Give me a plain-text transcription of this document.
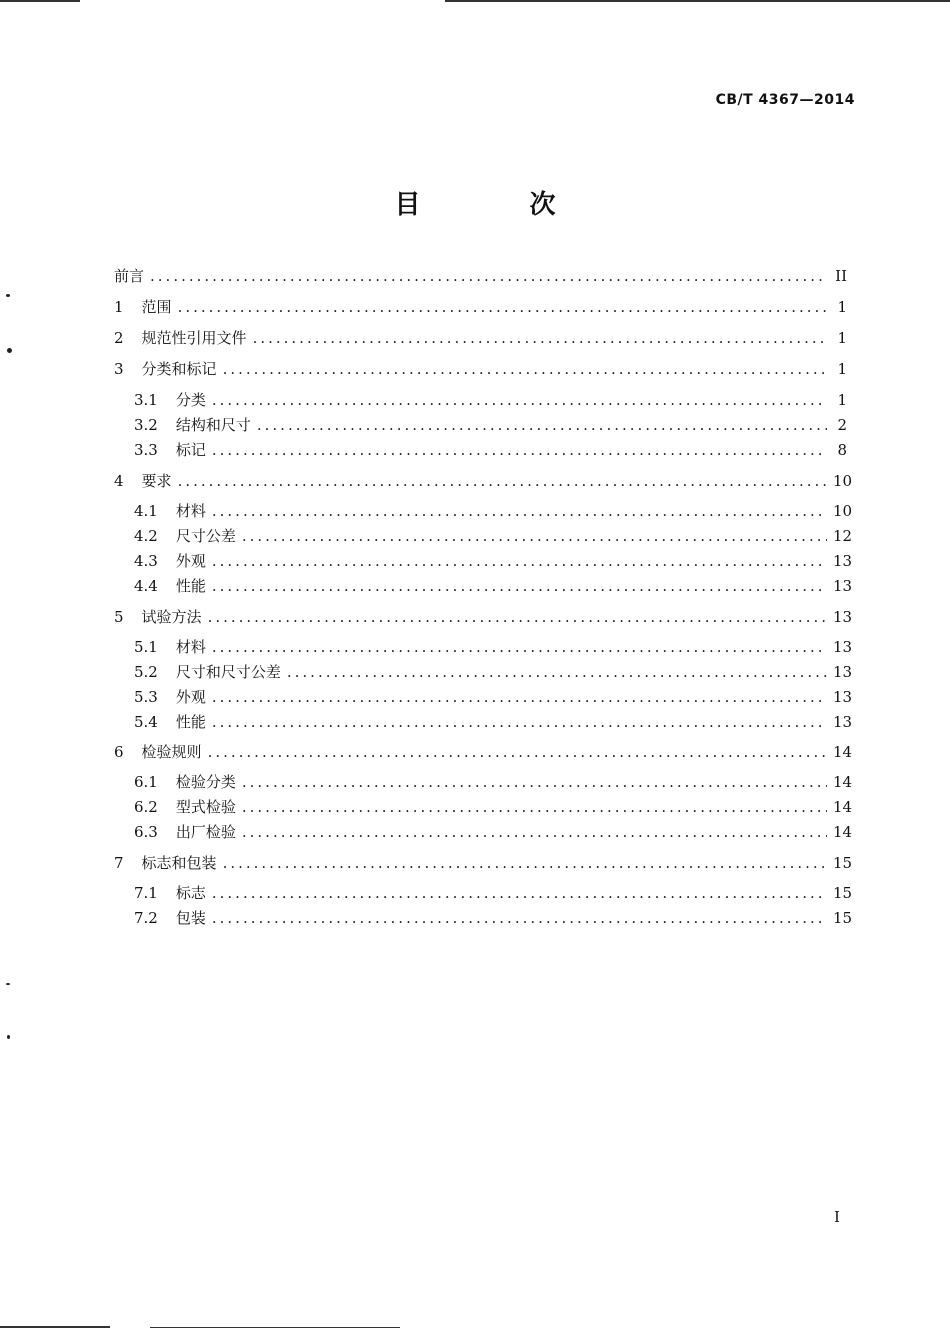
CB/T 4367—2014
目 次
前言 .....	II
1 范围 .....	1
2 规范性引用文件 .....	1
3 分类和标记 .....	1
3.1 分类 .....	1
3.2 结构和尺寸 .....	2
3.3 标记 .....	8
4 要求 .....	10
4.1 材料 .....	10
4.2 尺寸公差 .....	12
4.3 外观 .....	13
4.4 性能 .....	13
5 试验方法 .....	13
5.1 材料 .....	13
5.2 尺寸和尺寸公差 .....	13
5.3 外观 .....	13
5.4 性能 .....	13
6 检验规则 .....	14
6.1 检验分类 .....	14
6.2 型式检验 .....	14
6.3 出厂检验 .....	14
7 标志和包装 .....	15
7.1 标志 .....	15
7.2 包装 .....	15
I
